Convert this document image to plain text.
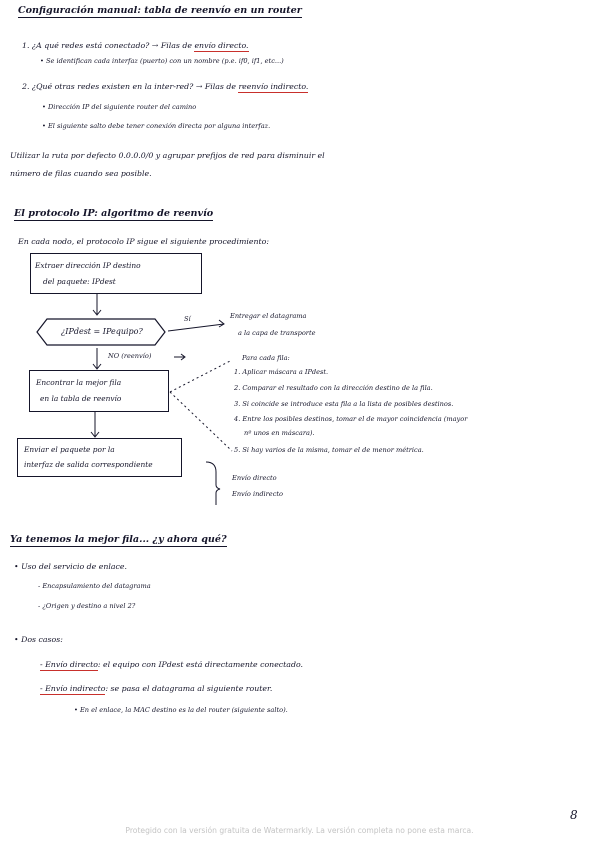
Configuración manual: tabla de reenvío en un router
1. ¿A qué redes está conectado? → Filas de envío directo.
• Se identifican cada interfaz (puerto) con un nombre (p.e. if0, if1, etc...)
2. ¿Qué otras redes existen en la inter-red? → Filas de reenvío indirecto.
• Dirección IP del siguiente router del camino
• El siguiente salto debe tener conexión directa por alguna interfaz.
Utilizar la ruta por defecto 0.0.0.0/0 y agrupar prefijos de red para disminuir el
número de filas cuando sea posible.
El protocolo IP: algoritmo de reenvío
En cada nodo, el protocolo IP sigue el siguiente procedimiento:
Extraer dirección IP destino
del paquete: IPdest
¿IPdest = IPequipo?
Sí	Entregar el datagrama
a la capa de transporte
NO (reenvío)
Encontrar la mejor fila
en la tabla de reenvío
Enviar el paquete por la
interfaz de salida correspondiente
Para cada fila:
1. Aplicar máscara a IPdest.
2. Comparar el resultado con la dirección destino de la fila.
3. Si coincide se introduce esta fila a la lista de posibles destinos.
4. Entre los posibles destinos, tomar el de mayor coincidencia (mayor
nº unos en máscara).
5. Si hay varios de la misma, tomar el de menor métrica.
Envío directo
Envío indirecto
Ya tenemos la mejor fila... ¿y ahora qué?
• Uso del servicio de enlace.
- Encapsulamiento del datagrama
- ¿Origen y destino a nivel 2?
• Dos casos:
- Envío directo: el equipo con IPdest está directamente conectado.
- Envío indirecto: se pasa el datagrama al siguiente router.
• En el enlace, la MAC destino es la del router (siguiente salto).
8
Protegido con la versión gratuita de Watermarkly. La versión completa no pone esta marca.
